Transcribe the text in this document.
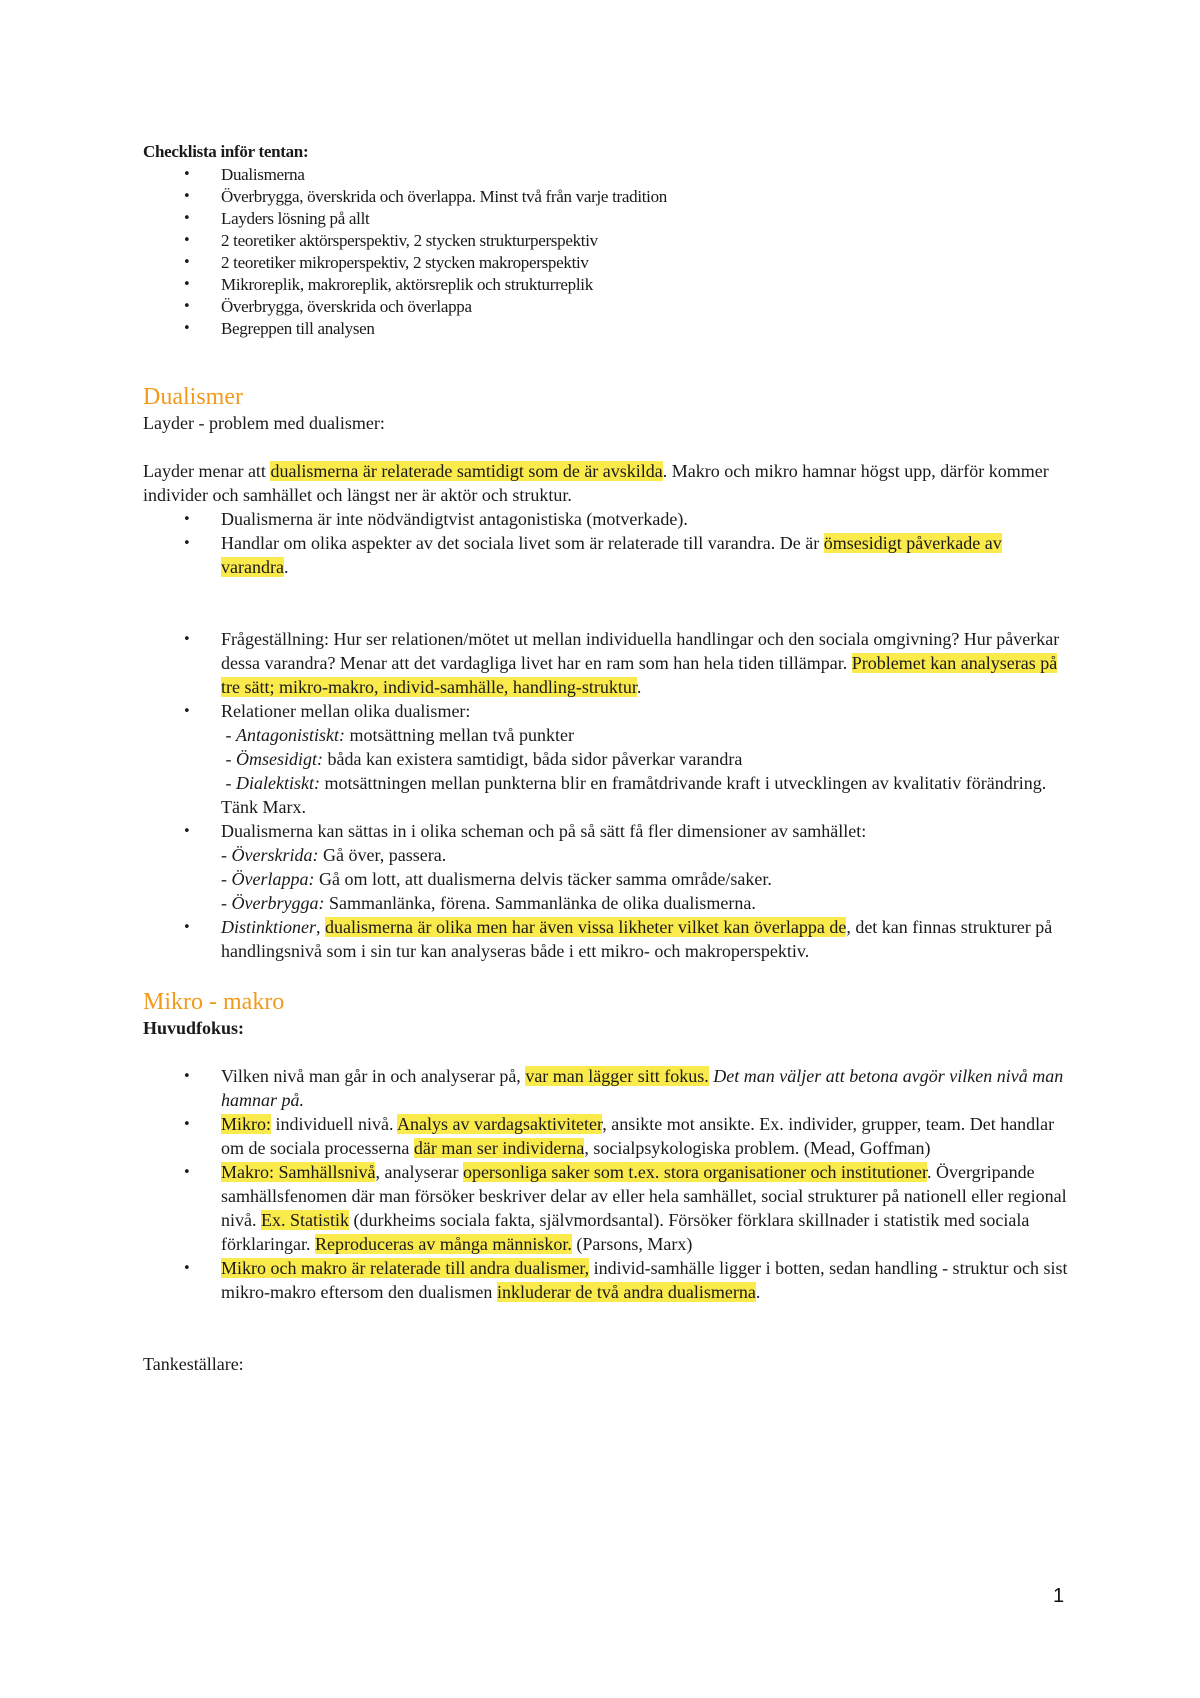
Checklista inför tentan:

• Dualismerna
• Överbrygga, överskrida och överlappa. Minst två från varje tradition
• Layders lösning på allt
• 2 teoretiker aktörsperspektiv, 2 stycken strukturperspektiv
• 2 teoretiker mikroperspektiv, 2 stycken makroperspektiv
• Mikroreplik, makroreplik, aktörsreplik och strukturreplik
• Överbrygga, överskrida och överlappa
• Begreppen till analysen
Dualismer

Layder - problem med dualismer:

Layder menar att dualismerna är relaterade samtidigt som de är avskilda. Makro och mikro hamnar högst upp, därför kommer individer och samhället och längst ner är aktör och struktur.

• Dualismerna är inte nödvändigtvist antagonistiska (motverkade).
• Handlar om olika aspekter av det sociala livet som är relaterade till varandra. De är ömsesidigt påverkade av varandra.
• Frågeställning: Hur ser relationen/mötet ut mellan individuella handlingar och den sociala omgivning? Hur påverkar dessa varandra? Menar att det vardagliga livet har en ram som han hela tiden tillämpar. Problemet kan analyseras på tre sätt; mikro-makro, individ-samhälle, handling-struktur.
• Relationer mellan olika dualismer:
- Antagonistiskt: motsättning mellan två punkter
- Ömsesidigt: båda kan existera samtidigt, båda sidor påverkar varandra
- Dialektiskt: motsättningen mellan punkterna blir en framåtdrivande kraft i utvecklingen av kvalitativ förändring. Tänk Marx.
• Dualismerna kan sättas in i olika scheman och på så sätt få fler dimensioner av samhället:
- Överskrida: Gå över, passera.
- Överlappa: Gå om lott, att dualismerna delvis täcker samma område/saker.
- Överbrygga: Sammanlänka, förena. Sammanlänka de olika dualismerna.
• Distinktioner, dualismerna är olika men har även vissa likheter vilket kan överlappa de, det kan finnas strukturer på handlingsnivå som i sin tur kan analyseras både i ett mikro- och makroperspektiv.
Mikro - makro

Huvudfokus:

• Vilken nivå man går in och analyserar på, var man lägger sitt fokus. Det man väljer att betona avgör vilken nivå man hamnar på.
• Mikro: individuell nivå. Analys av vardagsaktiviteter, ansikte mot ansikte. Ex. individer, grupper, team. Det handlar om de sociala processerna där man ser individerna, socialpsykologiska problem. (Mead, Goffman)
• Makro: Samhällsnivå, analyserar opersonliga saker som t.ex. stora organisationer och institutioner. Övergripande samhällsfenomen där man försöker beskriver delar av eller hela samhället, social strukturer på nationell eller regional nivå. Ex. Statistik (durkheims sociala fakta, självmordsantal). Försöker förklara skillnader i statistik med sociala förklaringar. Reproduceras av många människor. (Parsons, Marx)
• Mikro och makro är relaterade till andra dualismer, individ-samhälle ligger i botten, sedan handling - struktur och sist mikro-makro eftersom den dualismen inkluderar de två andra dualismerna.

Tankeställare:

1
